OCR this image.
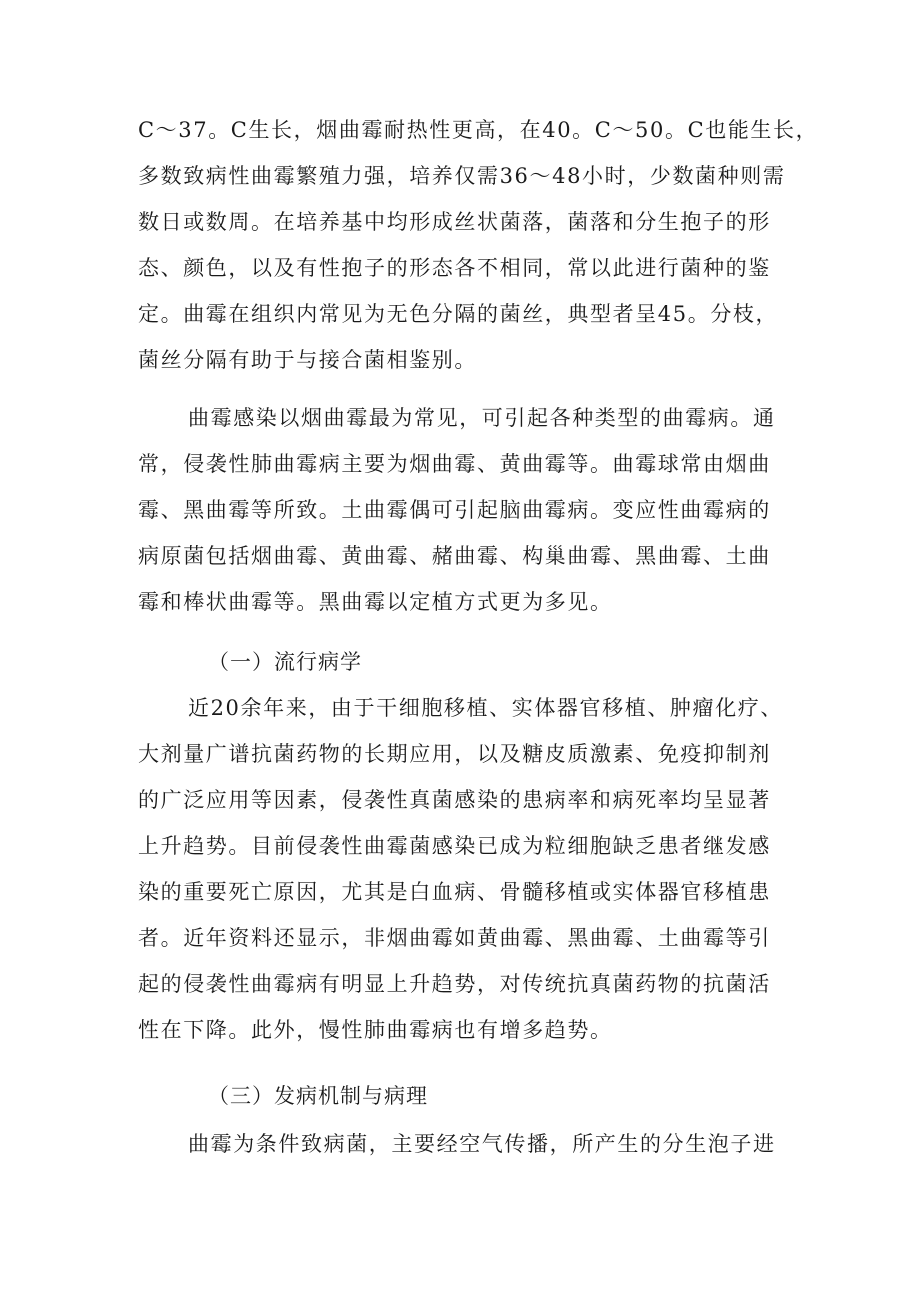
C～37。C生长，烟曲霉耐热性更高，在40。C～50。C也能生长，
多数致病性曲霉繁殖力强，培养仅需36～48小时，少数菌种则需
数日或数周。在培养基中均形成丝状菌落，菌落和分生抱子的形
态、颜色，以及有性抱子的形态各不相同，常以此进行菌种的鉴
定。曲霉在组织内常见为无色分隔的菌丝，典型者呈45。分枝，
菌丝分隔有助于与接合菌相鉴别。
曲霉感染以烟曲霉最为常见，可引起各种类型的曲霉病。通
常，侵袭性肺曲霉病主要为烟曲霉、黄曲霉等。曲霉球常由烟曲
霉、黑曲霉等所致。土曲霉偶可引起脑曲霉病。变应性曲霉病的
病原菌包括烟曲霉、黄曲霉、赭曲霉、构巢曲霉、黑曲霉、土曲
霉和棒状曲霉等。黑曲霉以定植方式更为多见。
（一）流行病学
近20余年来，由于干细胞移植、实体器官移植、肿瘤化疗、
大剂量广谱抗菌药物的长期应用，以及糖皮质激素、免疫抑制剂
的广泛应用等因素，侵袭性真菌感染的患病率和病死率均呈显著
上升趋势。目前侵袭性曲霉菌感染已成为粒细胞缺乏患者继发感
染的重要死亡原因，尤其是白血病、骨髓移植或实体器官移植患
者。近年资料还显示，非烟曲霉如黄曲霉、黑曲霉、土曲霉等引
起的侵袭性曲霉病有明显上升趋势，对传统抗真菌药物的抗菌活
性在下降。此外，慢性肺曲霉病也有增多趋势。
（三）发病机制与病理
曲霉为条件致病菌，主要经空气传播，所产生的分生泡子进
